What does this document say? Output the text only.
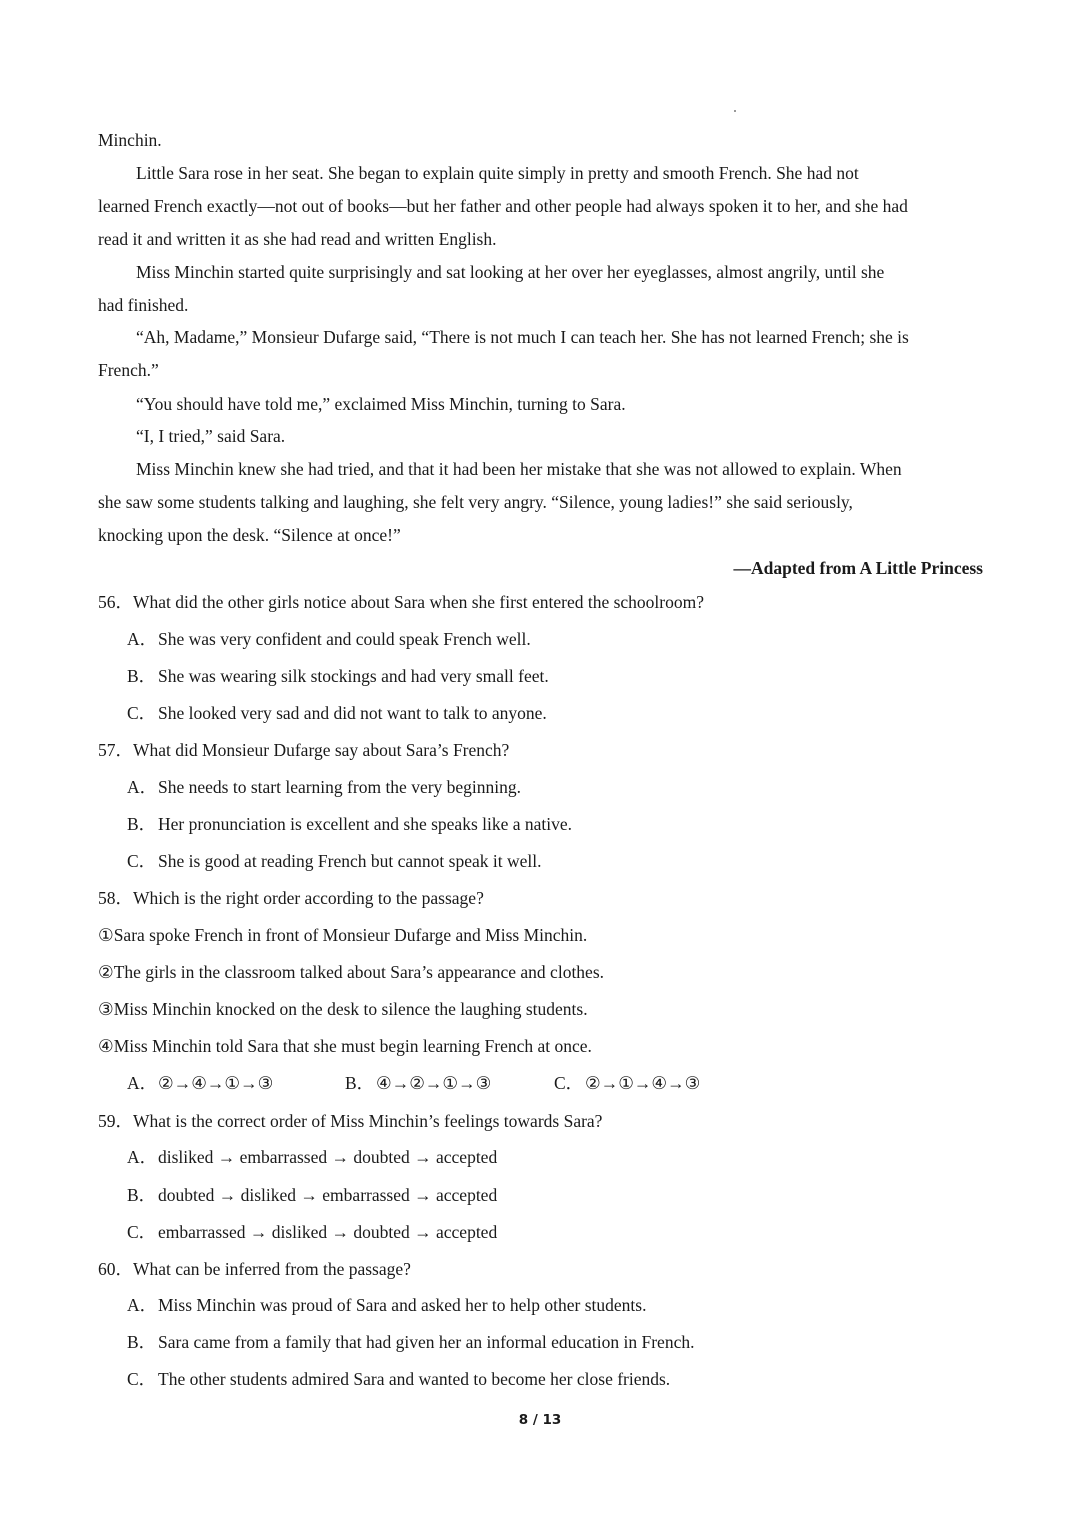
Minchin.
Little Sara rose in her seat. She began to explain quite simply in pretty and smooth French. She had not
learned French exactly—not out of books—but her father and other people had always spoken it to her, and she had
read it and written it as she had read and written English.
Miss Minchin started quite surprisingly and sat looking at her over her eyeglasses, almost angrily, until she
had finished.
“Ah, Madame,” Monsieur Dufarge said, “There is not much I can teach her. She has not learned French; she is
French.”
“You should have told me,” exclaimed Miss Minchin, turning to Sara.
“I, I tried,” said Sara.
Miss Minchin knew she had tried, and that it had been her mistake that she was not allowed to explain. When
she saw some students talking and laughing, she felt very angry. “Silence, young ladies!” she said seriously,
knocking upon the desk. “Silence at once!”
—Adapted from A Little Princess
56．What did the other girls notice about Sara when she first entered the schoolroom?
A．She was very confident and could speak French well.
B． She was wearing silk stockings and had very small feet.
C． She looked very sad and did not want to talk to anyone.
57．What did Monsieur Dufarge say about Sara’s French?
A．She needs to start learning from the very beginning.
B． Her pronunciation is excellent and she speaks like a native.
C． She is good at reading French but cannot speak it well.
58．Which is the right order according to the passage?
①Sara spoke French in front of Monsieur Dufarge and Miss Minchin.
②The girls in the classroom talked about Sara’s appearance and clothes.
③Miss Minchin knocked on the desk to silence the laughing students.
④Miss Minchin told Sara that she must begin learning French at once.
A．②→④→①→③	B． ④→②→①→③	C． ②→①→④→③
59．What is the correct order of Miss Minchin’s feelings towards Sara?
A．disliked → embarrassed → doubted → accepted
B． doubted → disliked → embarrassed → accepted
C． embarrassed → disliked → doubted → accepted
60．What can be inferred from the passage?
A．Miss Minchin was proud of Sara and asked her to help other students.
B． Sara came from a family that had given her an informal education in French.
C． The other students admired Sara and wanted to become her close friends.
8 / 13
